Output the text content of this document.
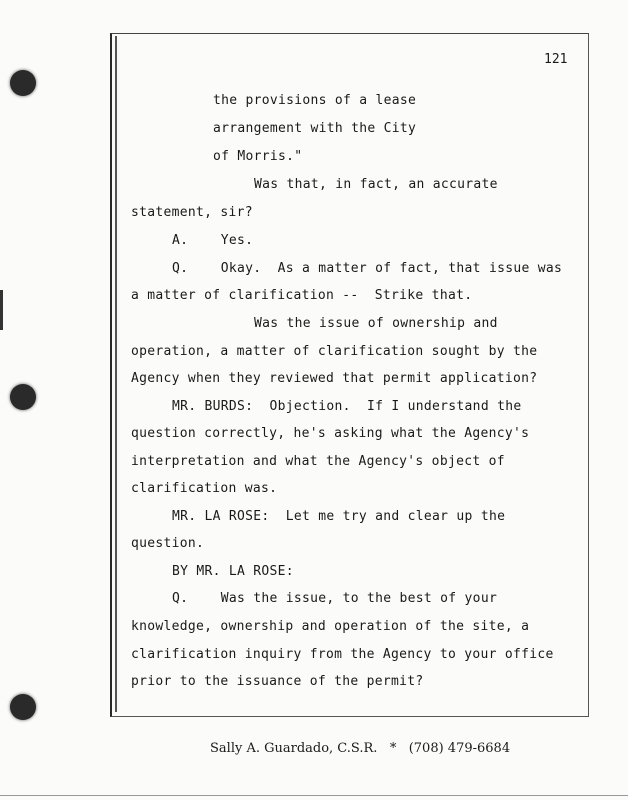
121
the provisions of a lease
arrangement with the City
of Morris."
Was that, in fact, an accurate
statement, sir?
A.    Yes.
Q.    Okay.  As a matter of fact, that issue was
a matter of clarification --  Strike that.
Was the issue of ownership and
operation, a matter of clarification sought by the
Agency when they reviewed that permit application?
MR. BURDS:  Objection.  If I understand the
question correctly, he's asking what the Agency's
interpretation and what the Agency's object of
clarification was.
MR. LA ROSE:  Let me try and clear up the
question.
BY MR. LA ROSE:
Q.    Was the issue, to the best of your
knowledge, ownership and operation of the site, a
clarification inquiry from the Agency to your office
prior to the issuance of the permit?
Sally A. Guardado, C.S.R.   *   (708) 479-6684
